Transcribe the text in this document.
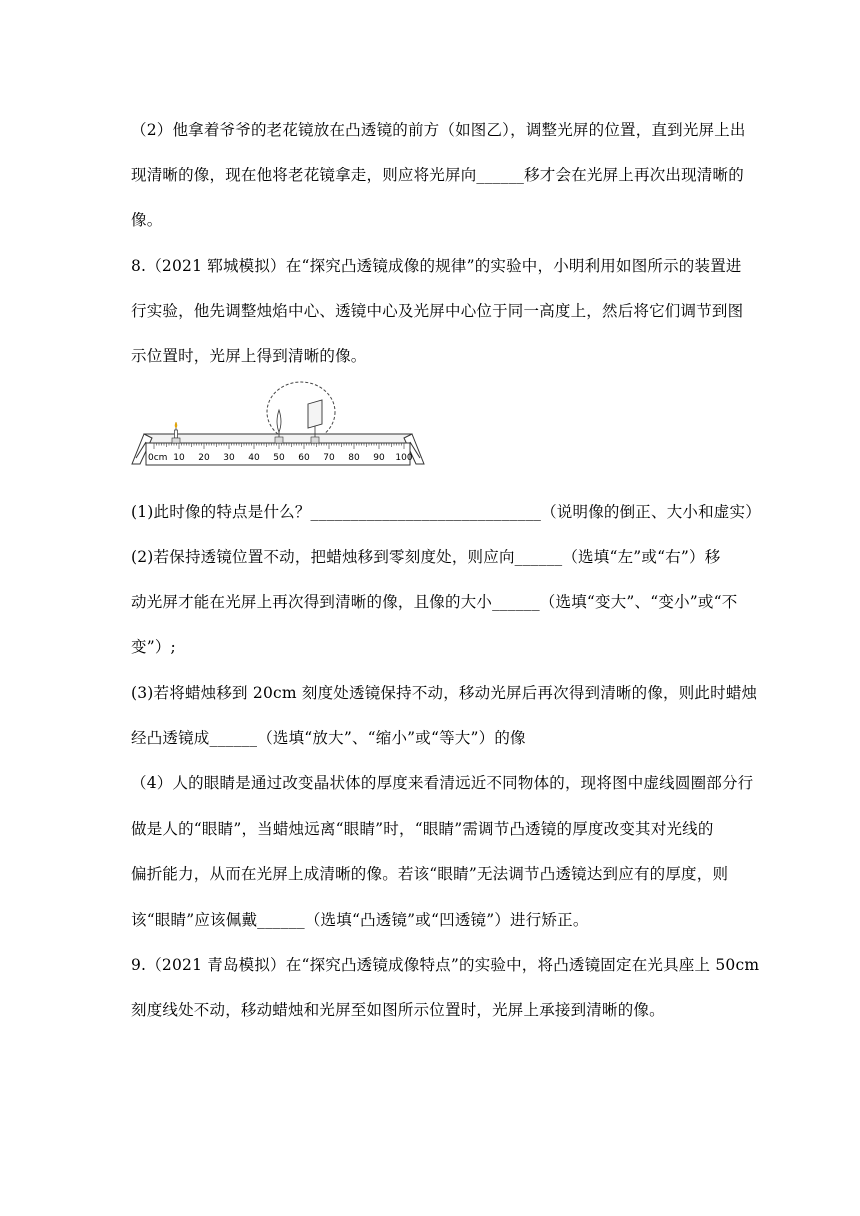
（2）他拿着爷爷的老花镜放在凸透镜的前方（如图乙），调整光屏的位置，直到光屏上出
现清晰的像，现在他将老花镜拿走，则应将光屏向______移才会在光屏上再次出现清晰的
像。
8.（2021 郓城模拟）在“探究凸透镜成像的规律”的实验中，小明利用如图所示的装置进
行实验，他先调整烛焰中心、透镜中心及光屏中心位于同一高度上，然后将它们调节到图
示位置时，光屏上得到清晰的像。
0cm 10 20 30 40 50 60 70 80 90 100
(1)此时像的特点是什么？_____________________________（说明像的倒正、大小和虚实）
(2)若保持透镜位置不动，把蜡烛移到零刻度处，则应向______（选填“左”或“右”）移
动光屏才能在光屏上再次得到清晰的像，且像的大小______（选填“变大”、“变小”或“不
变”）;
(3)若将蜡烛移到 20cm 刻度处透镜保持不动，移动光屏后再次得到清晰的像，则此时蜡烛
经凸透镜成______（选填“放大”、“缩小”或“等大”）的像
（4）人的眼睛是通过改变晶状体的厚度来看清远近不同物体的，现将图中虚线圆圈部分行
做是人的“眼睛”，当蜡烛远离“眼睛”时，“眼睛”需调节凸透镜的厚度改变其对光线的
偏折能力，从而在光屏上成清晰的像。若该“眼睛”无法调节凸透镜达到应有的厚度，则
该“眼睛”应该佩戴______（选填“凸透镜”或“凹透镜”）进行矫正。
9.（2021 青岛模拟）在“探究凸透镜成像特点”的实验中，将凸透镜固定在光具座上 50cm
刻度线处不动，移动蜡烛和光屏至如图所示位置时，光屏上承接到清晰的像。
